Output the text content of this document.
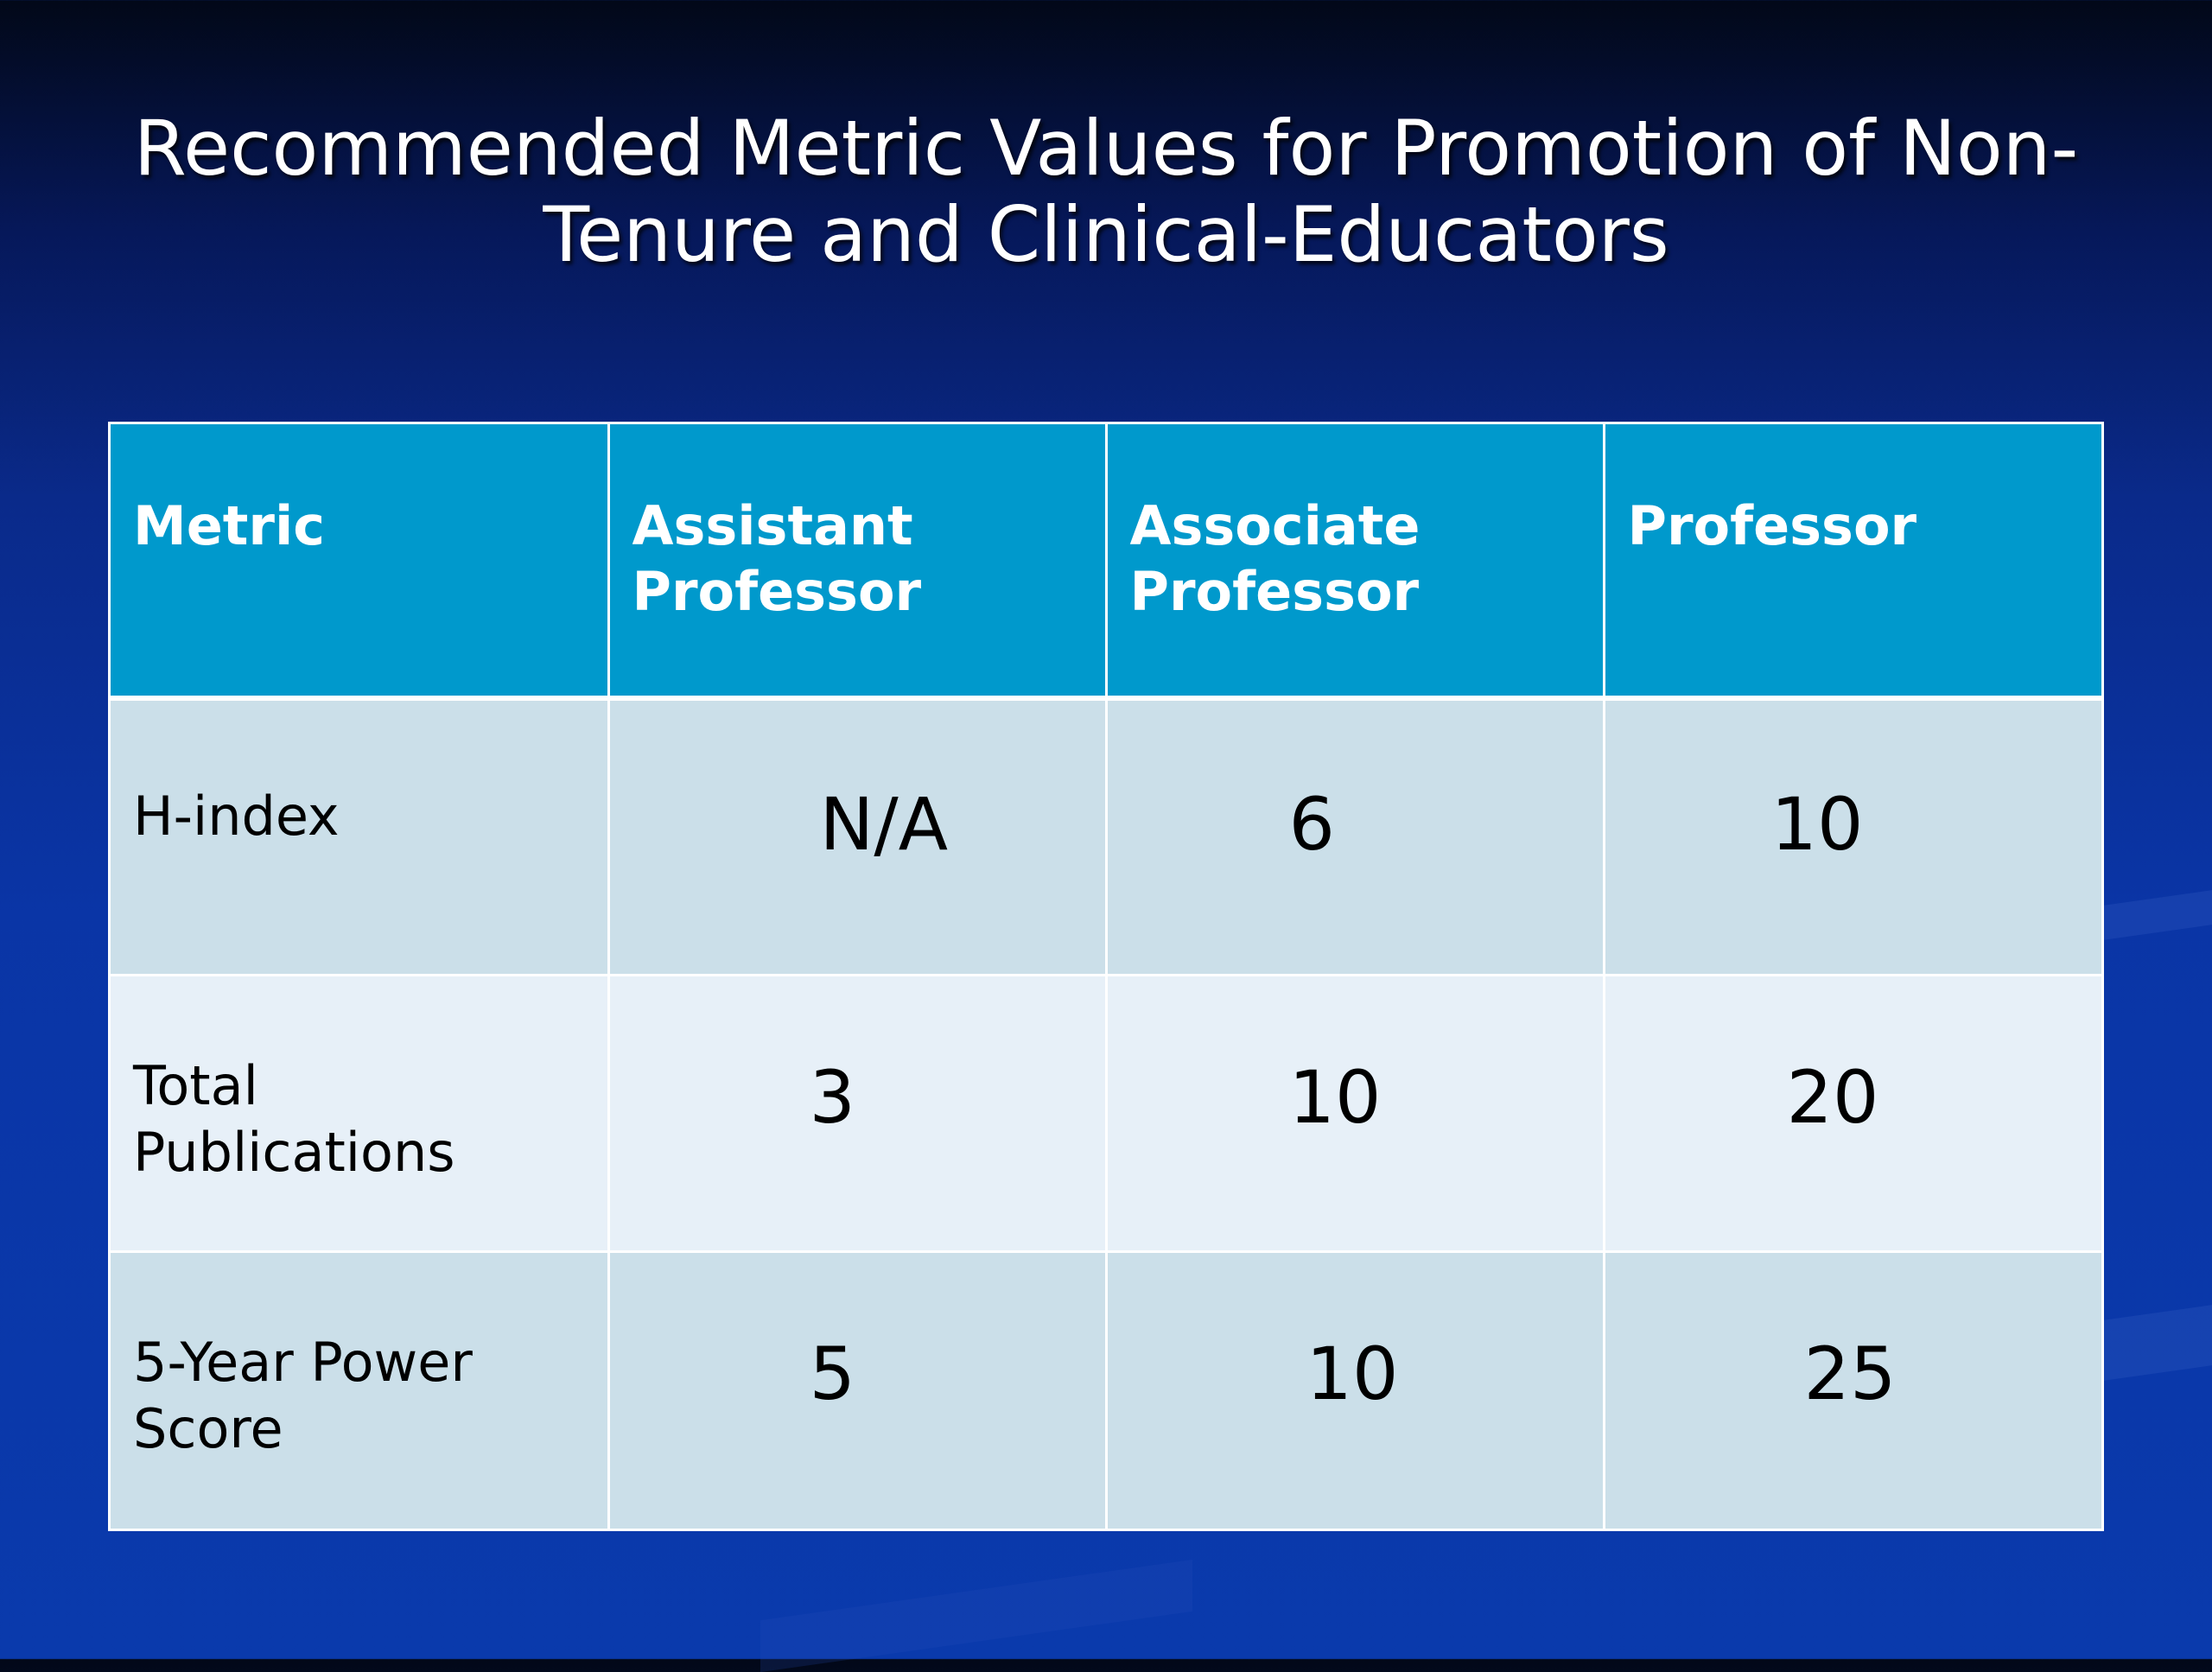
Recommended Metric Values for Promotion of Non-Tenure and Clinical-Educators
Metric	Assistant Professor	Associate Professor	Professor

H-index	N/A	6	10

Total Publications	3	10	20

5-Year Power Score	5	10	25
